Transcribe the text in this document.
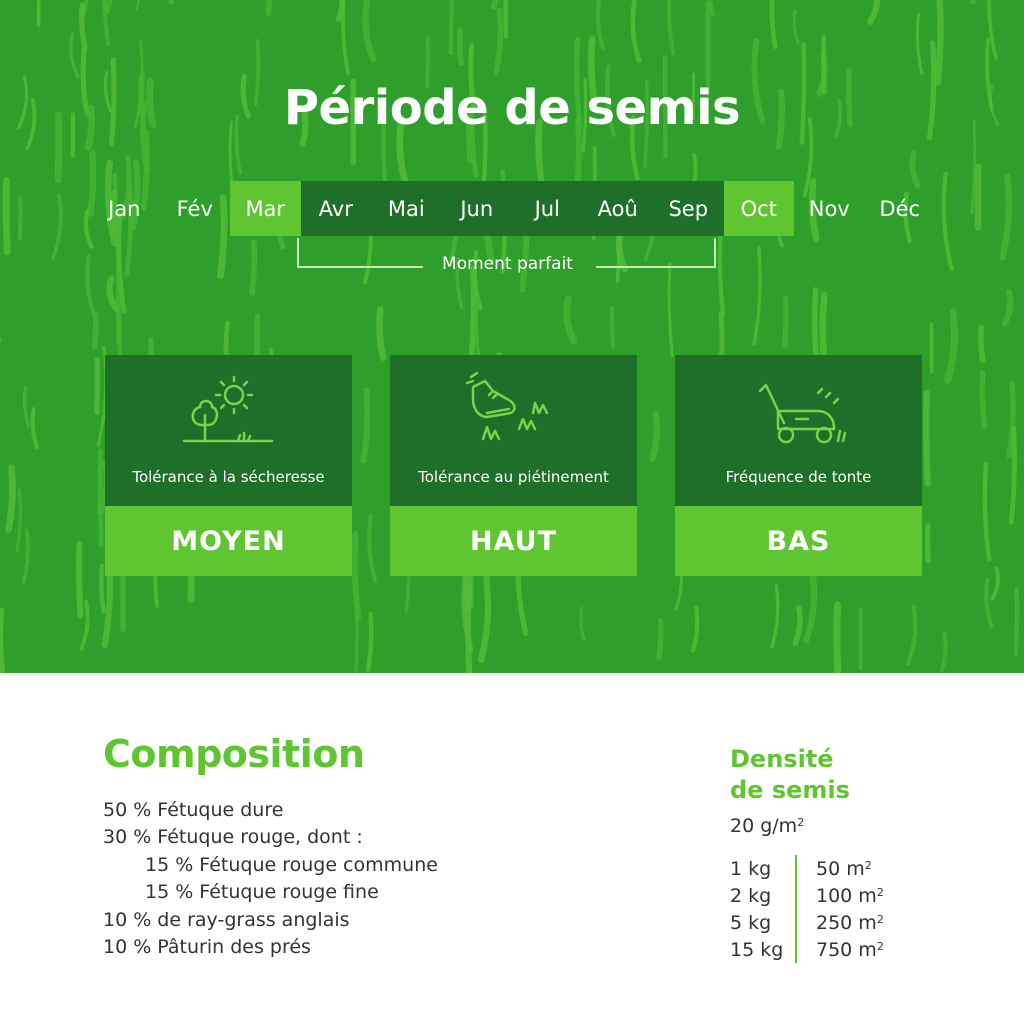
Période de semis
Jan	Fév	Mar	Avr	Mai	Jun	Jul	Aoû	Sep	Oct	Nov	Déc
Moment parfait
Tolérance à la sécheresse
MOYEN
Tolérance au piétinement
HAUT
Fréquence de tonte
BAS
Composition
50 % Fétuque dure
30 % Fétuque rouge, dont :
15 % Fétuque rouge commune
15 % Fétuque rouge fine
10 % de ray-grass anglais
10 % Pâturin des prés
Densité
de semis
20 $g/m^2$
1 kg	50 $m^2$
2 kg	100 $m^2$
5 kg	250 $m^2$
15 kg	750 $m^2$
